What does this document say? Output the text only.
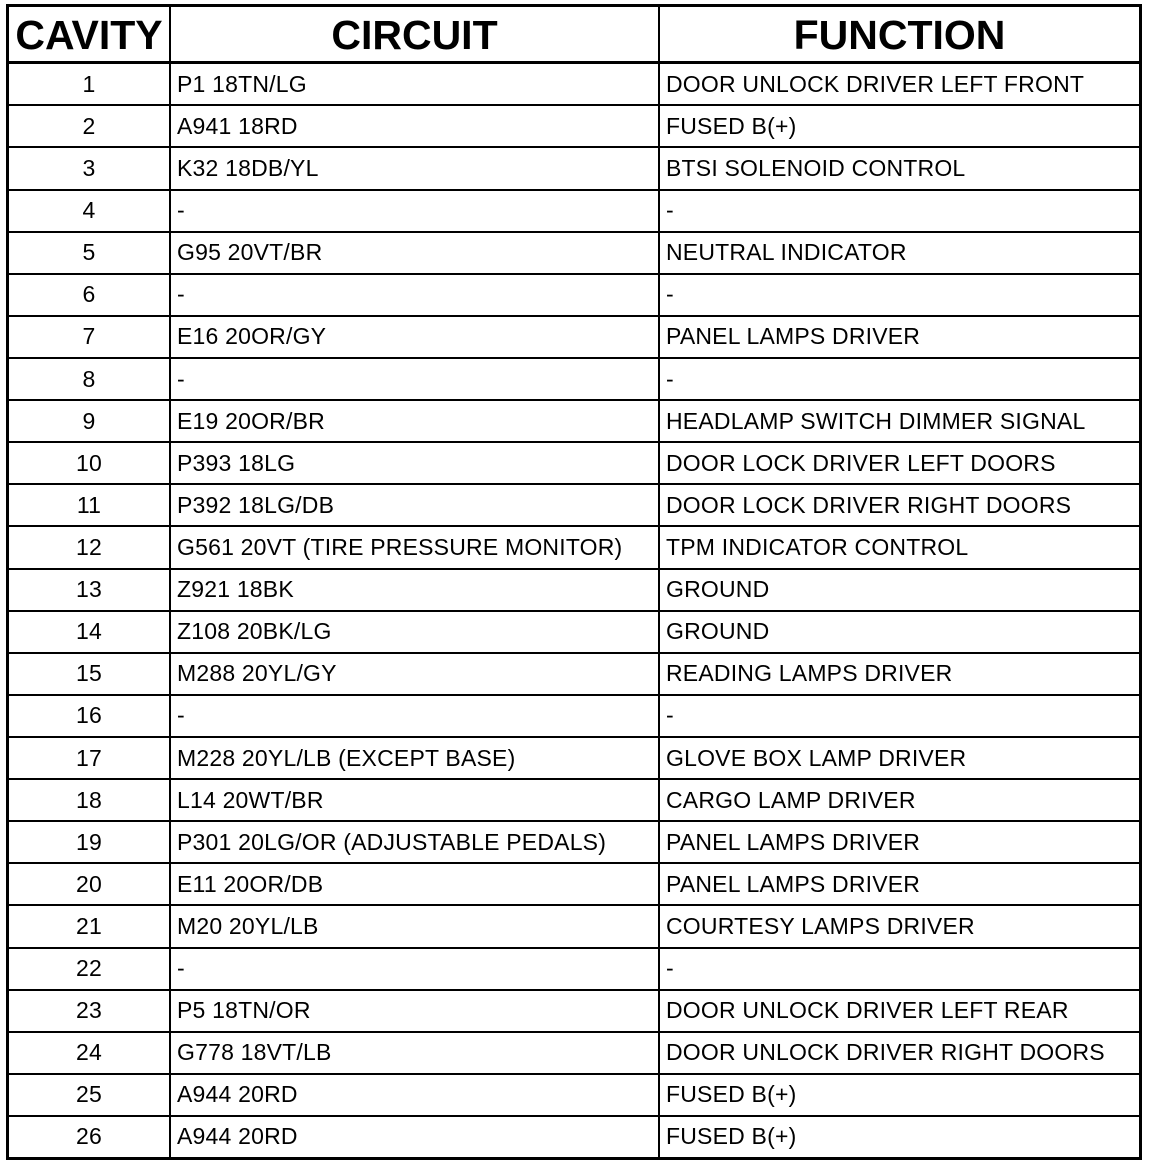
CAVITY	CIRCUIT	FUNCTION
1	P1 18TN/LG	DOOR UNLOCK DRIVER LEFT FRONT
2	A941 18RD	FUSED B(+)
3	K32 18DB/YL	BTSI SOLENOID CONTROL
4	-	-
5	G95 20VT/BR	NEUTRAL INDICATOR
6	-	-
7	E16 20OR/GY	PANEL LAMPS DRIVER
8	-	-
9	E19 20OR/BR	HEADLAMP SWITCH DIMMER SIGNAL
10	P393 18LG	DOOR LOCK DRIVER LEFT DOORS
11	P392 18LG/DB	DOOR LOCK DRIVER RIGHT DOORS
12	G561 20VT (TIRE PRESSURE MONITOR)	TPM INDICATOR CONTROL
13	Z921 18BK	GROUND
14	Z108 20BK/LG	GROUND
15	M288 20YL/GY	READING LAMPS DRIVER
16	-	-
17	M228 20YL/LB (EXCEPT BASE)	GLOVE BOX LAMP DRIVER
18	L14 20WT/BR	CARGO LAMP DRIVER
19	P301 20LG/OR (ADJUSTABLE PEDALS)	PANEL LAMPS DRIVER
20	E11 20OR/DB	PANEL LAMPS DRIVER
21	M20 20YL/LB	COURTESY LAMPS DRIVER
22	-	-
23	P5 18TN/OR	DOOR UNLOCK DRIVER LEFT REAR
24	G778 18VT/LB	DOOR UNLOCK DRIVER RIGHT DOORS
25	A944 20RD	FUSED B(+)
26	A944 20RD	FUSED B(+)
